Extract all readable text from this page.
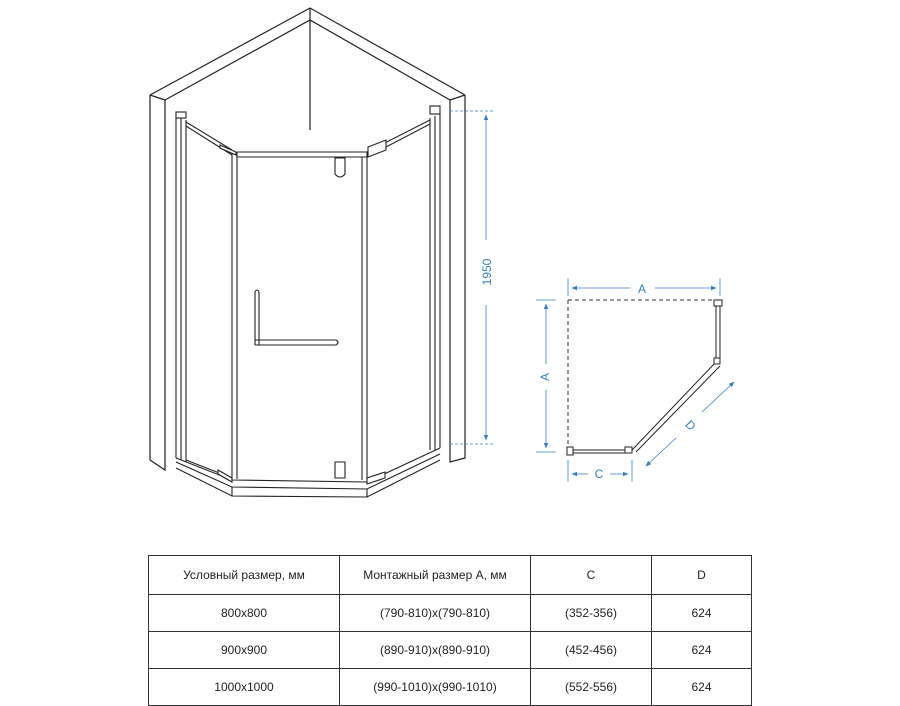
1950
A
A
C
D
Условный размер, мм	Монтажный размер А, мм	C	D
800x800	(790-810)x(790-810)	(352-356)	624
900x900	(890-910)x(890-910)	(452-456)	624
1000x1000	(990-1010)x(990-1010)	(552-556)	624
